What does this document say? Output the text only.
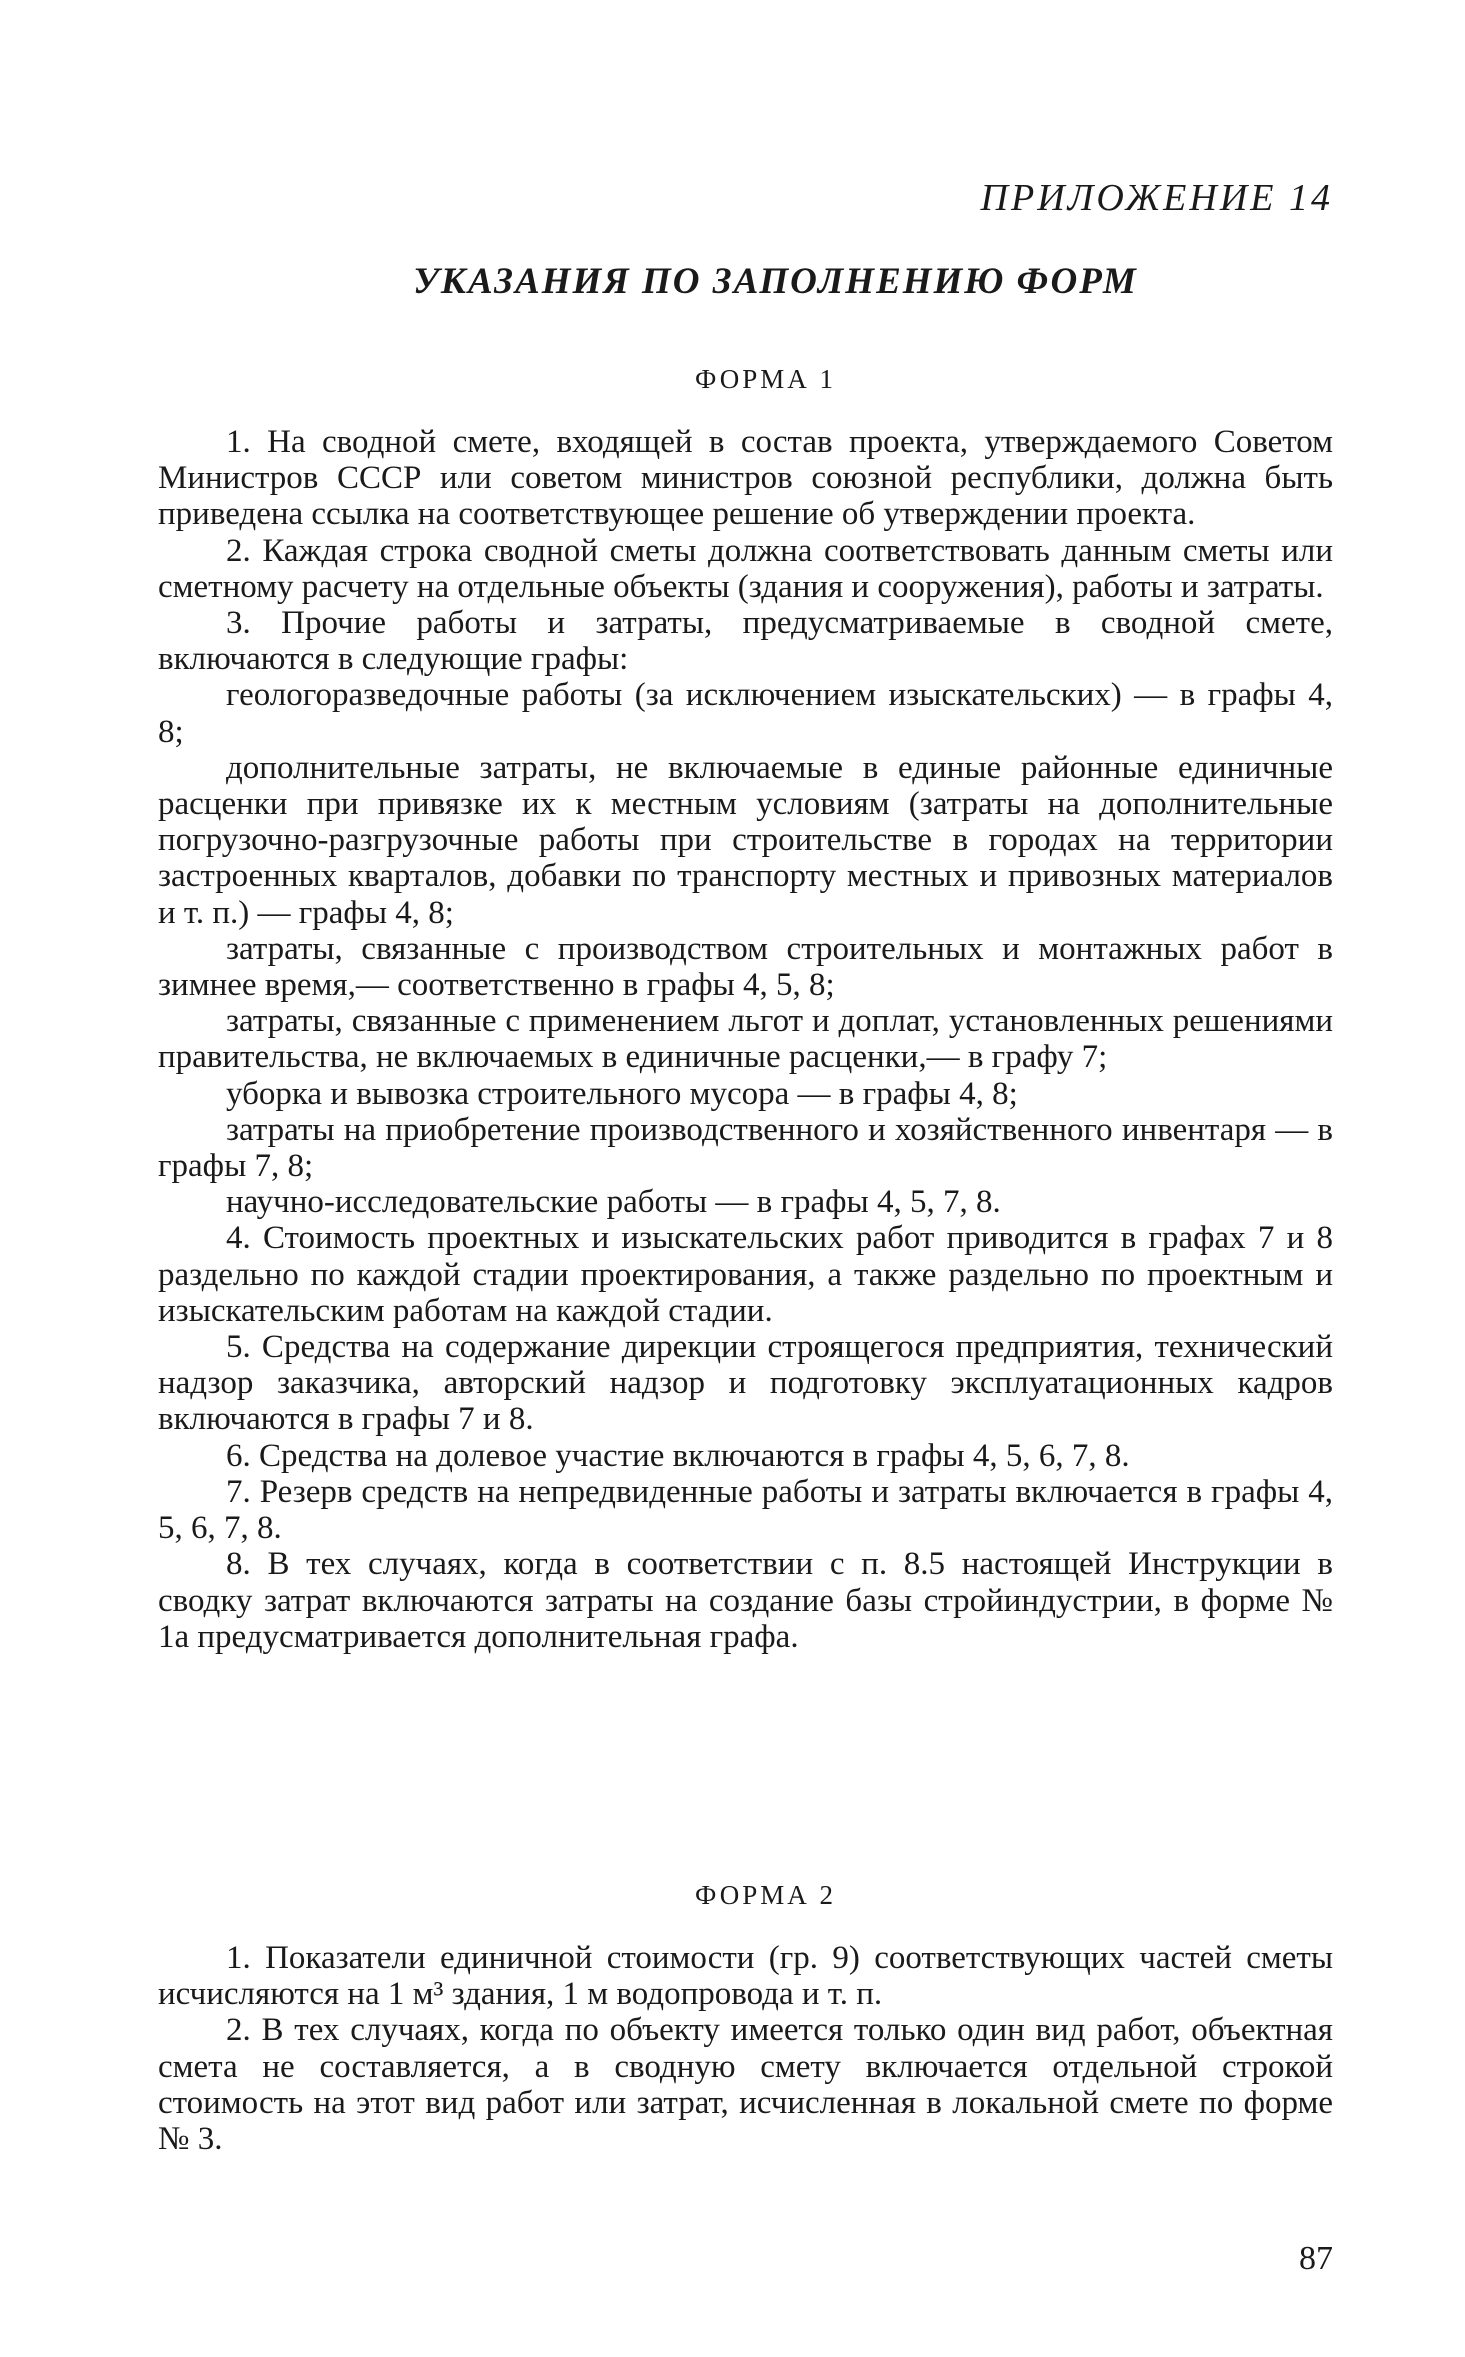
ПРИЛОЖЕНИЕ 14
УКАЗАНИЯ ПО ЗАПОЛНЕНИЮ ФОРМ
ФОРМА 1

1. На сводной смете, входящей в состав проекта, утверждаемого Советом Министров СССР или советом министров союзной республики, должна быть приведена ссылка на соответствующее решение об утверждении проекта.

2. Каждая строка сводной сметы должна соответствовать данным сметы или сметному расчету на отдельные объекты (здания и сооружения), работы и затраты.

3. Прочие работы и затраты, предусматриваемые в сводной смете, включаются в следующие графы:

геологоразведочные работы (за исключением изыскательских) — в графы 4, 8;

дополнительные затраты, не включаемые в единые районные единичные расценки при привязке их к местным условиям (затраты на дополнительные погрузочно-разгрузочные работы при строительстве в городах на территории застроенных кварталов, добавки по транспорту местных и привозных материалов и т. п.) — графы 4, 8;

затраты, связанные с производством строительных и монтажных работ в зимнее время,— соответственно в графы 4, 5, 8;

затраты, связанные с применением льгот и доплат, установленных решениями правительства, не включаемых в единичные расценки,— в графу 7;

уборка и вывозка строительного мусора — в графы 4, 8;

затраты на приобретение производственного и хозяйственного инвентаря — в графы 7, 8;

научно-исследовательские работы — в графы 4, 5, 7, 8.

4. Стоимость проектных и изыскательских работ приводится в графах 7 и 8 раздельно по каждой стадии проектирования, а также раздельно по проектным и изыскательским работам на каждой стадии.

5. Средства на содержание дирекции строящегося предприятия, технический надзор заказчика, авторский надзор и подготовку эксплуатационных кадров включаются в графы 7 и 8.

6. Средства на долевое участие включаются в графы 4, 5, 6, 7, 8.

7. Резерв средств на непредвиденные работы и затраты включается в графы 4, 5, 6, 7, 8.

8. В тех случаях, когда в соответствии с п. 8.5 настоящей Инструкции в сводку затрат включаются затраты на создание базы стройиндустрии, в форме № 1а предусматривается дополнительная графа.

ФОРМА 2

1. Показатели единичной стоимости (гр. 9) соответствующих частей сметы исчисляются на 1 м³ здания, 1 м водопровода и т. п.

2. В тех случаях, когда по объекту имеется только один вид работ, объектная смета не составляется, а в сводную смету включается отдельной строкой стоимость на этот вид работ или затрат, исчисленная в локальной смете по форме № 3.

87
